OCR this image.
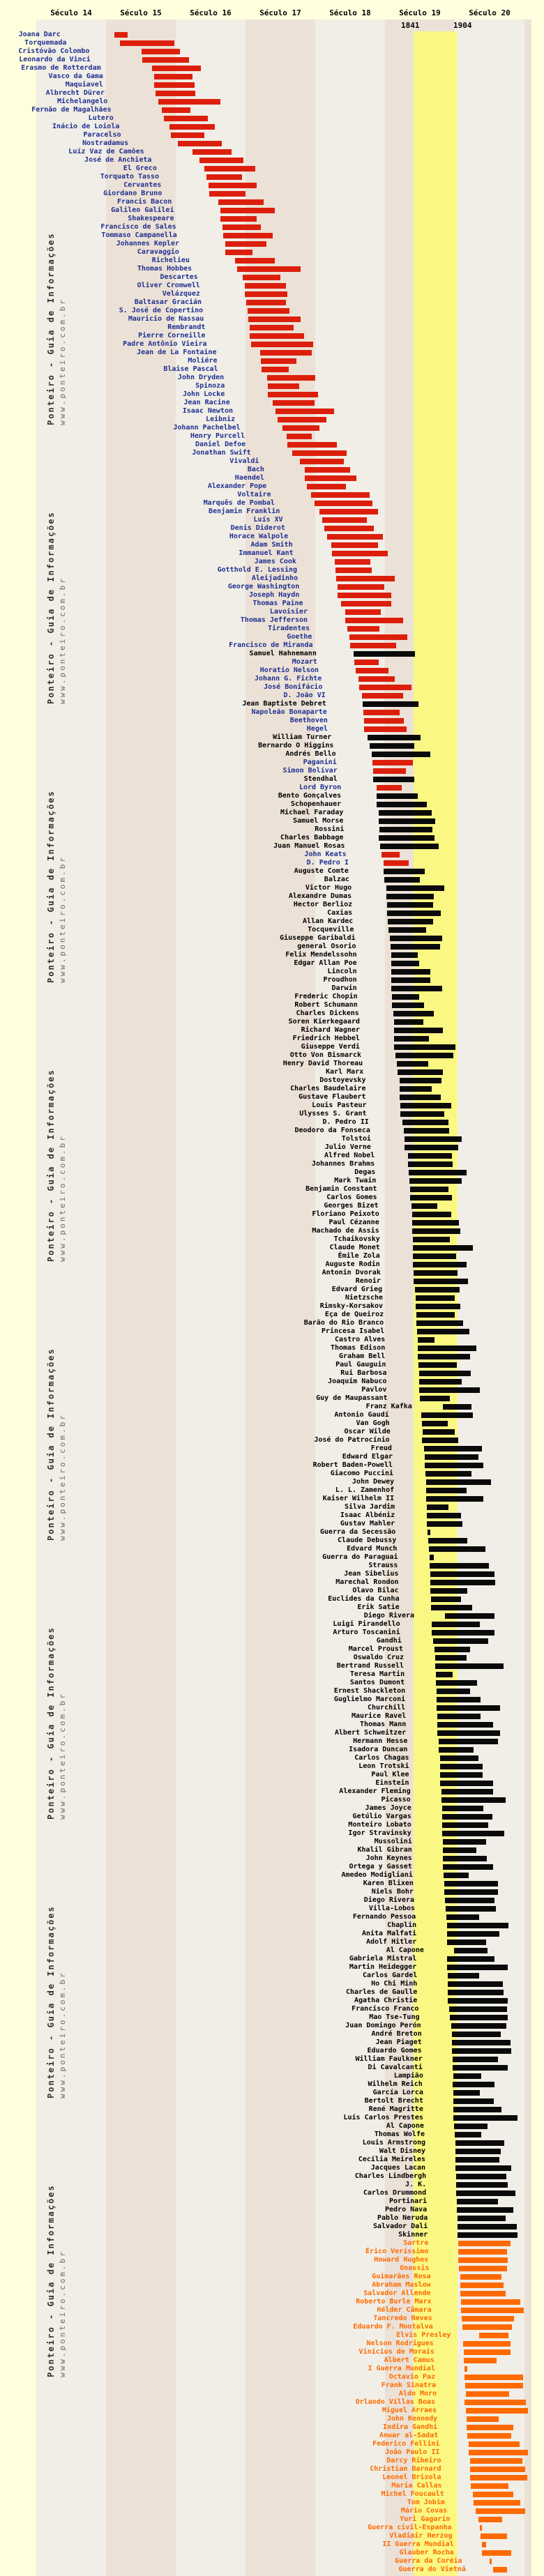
Século 14	Século 15	Século 16	Século 17	Século 18	Século 19	Século 20
1841	1904
Joana Darc
Torquemada
Cristóvão Colombo
Leonardo da Vinci
Erasmo de Rotterdam
Vasco da Gama
Maquiavel
Albrecht Dürer
Michelangelo
Fernão de Magalhães
Lutero
Inácio de Loiola
Paracelso
Nostradamus
Luíz Vaz de Camões
José de Anchieta
El Greco
Torquato Tasso
Cervantes
Giordano Bruno
Francis Bacon
Galileo Galilei
Shakespeare
Francisco de Sales
Tommaso Campanella
Johannes Kepler
Caravaggio
Richelieu
Thomas Hobbes
Descartes
Oliver Cromwell
Velázquez
Baltasar Gracián
S. José de Copertino
Mauricio de Nassau
Rembrandt
Pierre Corneille
Padre Antônio Vieira
Jean de La Fontaine
Moliére
Blaise Pascal
John Dryden
Spinoza
John Locke
Jean Racine
Isaac Newton
Leibniz
Johann Pachelbel
Henry Purcell
Daniel Defoe
Jonathan Swift
Vivaldi
Bach
Haendel
Alexander Pope
Voltaire
Marquês de Pombal
Benjamin Franklin
Luís XV
Denis Diderot
Horace Walpole
Adam Smith
Immanuel Kant
James Cook
Gotthold E. Lessing
Aleijadinho
George Washington
Joseph Haydn
Thomas Paine
Lavoisier
Thomas Jefferson
Tiradentes
Goethe
Francisco de Miranda
Samuel Hahnemann
Mozart
Horatio Nelson
Johann G. Fichte
José Bonifácio
D. João VI
Jean Baptiste Debret
Napoleão Bonaparte
Beethoven
Hegel
William Turner
Bernardo O Higgins
Andrés Bello
Paganini
Simon Bolívar
Stendhal
Lord Byron
Bento Gonçalves
Schopenhauer
Michael Faraday
Samuel Morse
Rossini
Charles Babbage
Juan Manuel Rosas
John Keats
D. Pedro I
Auguste Comte
Balzac
Victor Hugo
Alexandre Dumas
Hector Berlioz
Caxias
Allan Kardec
Tocqueville
Giuseppe Garibaldi
general Osorio
Felix Mendelssohn
Edgar Allan Poe
Lincoln
Proudhon
Darwin
Frederic Chopin
Robert Schumann
Charles Dickens
Soren Kierkegaard
Richard Wagner
Friedrich Hebbel
Giuseppe Verdi
Otto Von Bismarck
Henry David Thoreau
Karl Marx
Dostoyevsky
Charles Baudelaire
Gustave Flaubert
Louis Pasteur
Ulysses S. Grant
D. Pedro II
Deodoro da Fonseca
Tolstoi
Julio Verne
Alfred Nobel
Johannes Brahms
Degas
Mark Twain
Benjamin Constant
Carlos Gomes
Georges Bizet
Floriano Peixoto
Paul Cézanne
Machado de Assis
Tchaikovsky
Claude Monet
Émile Zola
Auguste Rodin
Antonin Dvorak
Renoir
Edvard Grieg
Nietzsche
Rimsky-Korsakov
Eça de Queiroz
Barão do Rio Branco
Princesa Isabel
Castro Alves
Thomas Edison
Graham Bell
Paul Gauguin
Rui Barbosa
Joaquim Nabuco
Pavlov
Guy de Maupassant
Franz Kafka
Antonio Gaudí
Van Gogh
Oscar Wilde
José do Patrocínio
Freud
Edward Elgar
Robert Baden-Powell
Giacomo Puccini
John Dewey
L. L. Zamenhof
Kaiser Wilhelm II
Silva Jardim
Isaac Albéniz
Gustav Mahler
Guerra da Secessão
Claude Debussy
Edvard Munch
Guerra do Paraguai
Strauss
Jean Sibelius
Marechal Rondon
Olavo Bilac
Euclides da Cunha
Erik Satie
Diego Rivera
Luigi Pirandello
Arturo Toscanini
Gandhi
Marcel Proust
Oswaldo Cruz
Bertrand Russell
Teresa Martin
Santos Dumont
Ernest Shackleton
Guglielmo Marconi
Churchill
Maurice Ravel
Thomas Mann
Albert Schweitzer
Hermann Hesse
Isadora Duncan
Carlos Chagas
Leon Trotski
Paul Klee
Einstein
Alexander Fleming
Picasso
James Joyce
Getúlio Vargas
Monteiro Lobato
Igor Stravinsky
Mussolini
Khalil Gibran
John Keynes
Ortega y Gasset
Amedeo Modigliani
Karen Blixen
Niels Bohr
Diego Rivera
Villa-Lobos
Fernando Pessoa
Chaplin
Anita Malfati
Adolf Hitler
Al Capone
Gabriela Mistral
Martin Heidegger
Carlos Gardel
Ho Chi Minh
Charles de Gaulle
Agatha Christie
Francisco Franco
Mao Tse-Tung
Juan Domingo Perón
André Breton
Jean Piaget
Eduardo Gomes
William Faulkner
Di Cavalcanti
Lampião
Wilhelm Reich
García Lorca
Bertolt Brecht
René Magritte
Luís Carlos Prestes
Al Capone
Thomas Wolfe
Louis Armstrong
Walt Disney
Cecília Meireles
Jacques Lacan
Charles Lindbergh
J. K.
Carlos Drummond
Portinari
Pedro Nava
Pablo Neruda
Salvador Dali
Skinner
Sartre
Érico Veríssimo
Howard Hughes
Onassis
Guimarães Rosa
Abraham Maslow
Salvador Allende
Roberto Burle Marx
Hélder Câmara
Tancredo Neves
Eduardo F. Montalva
Elvis Presley
Nelson Rodrigues
Vinícius de Morais
Albert Camus
I Guerra Mundial
Octavio Paz
Frank Sinatra
Aldo Moro
Orlando Villas Boas
Miguel Arraes
John Kennedy
Indira Gandhi
Anwar al-Sadat
Federico Fellini
João Paulo II
Darcy Ribeiro
Christian Barnard
Leonel Brizola
Maria Callas
Michel Foucault
Tom Jobim
Mário Covas
Yuri Gagarin
Guerra civil-Espanha
Vladimir Herzog
II Guerra Mundial
Glauber Rocha
Guerra da Coréia
Guerra do Vietnã
Ponteiro - Guia de Informações www.ponteiro.com.br
Ponteiro - Guia de Informações www.ponteiro.com.br
Ponteiro - Guia de Informações www.ponteiro.com.br
Ponteiro - Guia de Informações www.ponteiro.com.br
Ponteiro - Guia de Informações www.ponteiro.com.br
Ponteiro - Guia de Informações www.ponteiro.com.br
Ponteiro - Guia de Informações www.ponteiro.com.br
Ponteiro - Guia de Informações www.ponteiro.com.br
